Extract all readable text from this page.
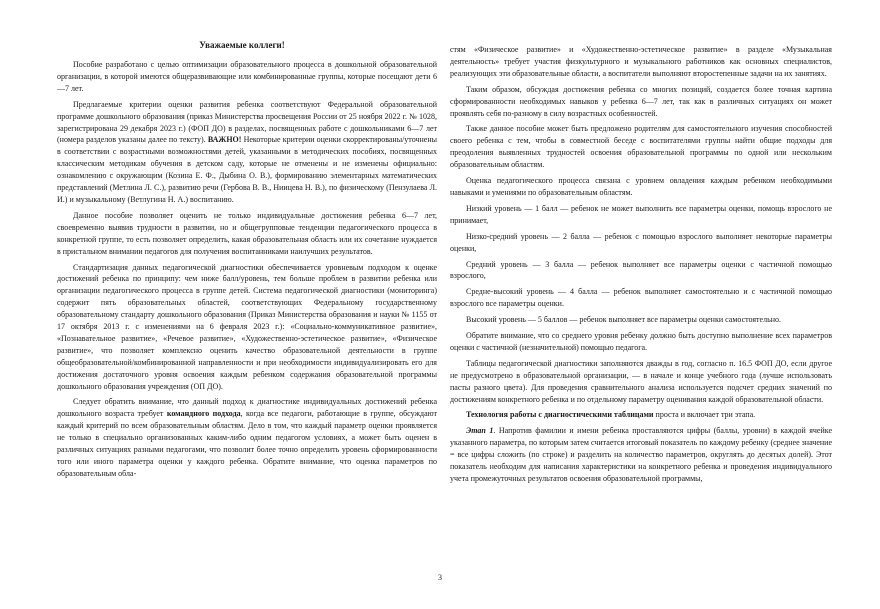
Уважаемые коллеги!

Пособие разработано с целью оптимизации образовательного процесса в дошкольной образовательной организации, в которой имеются общеразвивающие или комбинированные группы, которые посещают дети 6—7 лет.

Предлагаемые критерии оценки развития ребенка соответствуют Федеральной образовательной программе дошкольного образования (приказ Министерства просвещения России от 25 ноября 2022 г. № 1028, зарегистрирована 29 декабря 2023 г.) (ФОП ДО) в разделах, посвященных работе с дошкольниками 6—7 лет (номера разделов указаны далее по тексту). ВАЖНО! Некоторые критерии оценки скорректированы/уточнены в соответствии с возрастными возможностями детей, указанными в методических пособиях, посвященных классическим методикам обучения в детском саду, которые не отменены и не изменены официально: ознакомлению с окружающим (Козина Е. Ф., Дыбина О. В.), формированию элементарных математических представлений (Метлина Л. С.), развитию речи (Гербова В. В., Ниицева Н. В.), по физическому (Пензулаева Л. И.) и музыкальному (Ветлугина Н. А.) воспитанию.

Данное пособие позволяет оценить не только индивидуальные достижения ребенка 6—7 лет, своевременно выявив трудности в развитии, но и общегрупповые тенденции педагогического процесса в конкретной группе, то есть позволяет определить, какая образовательная область или их сочетание нуждается в пристальном внимании педагогов для получения воспитанниками наилучших результатов.

Стандартизация данных педагогической диагностики обеспечивается уровневым подходом к оценке достижений ребенка по принципу: чем ниже балл/уровень, тем больше проблем в развитии ребенка или организации педагогического процесса в группе детей. Система педагогической диагностики (мониторинга) содержит пять образовательных областей, соответствующих Федеральному государственному образовательному стандарту дошкольного образования (Приказ Министерства образования и науки № 1155 от 17 октября 2013 г. с изменениями на 6 февраля 2023 г.): «Социально-коммуникативное развитие», «Познавательное развитие», «Речевое развитие», «Художественно-эстетическое развитие», «Физическое развитие», что позволяет комплексно оценить качество образовательной деятельности в группе общеобразовательной/комбинированной направленности и при необходимости индивидуализировать его для достижения достаточного уровня освоения каждым ребенком содержания образовательной программы дошкольного образования учреждения (ОП ДО).

Следует обратить внимание, что данный подход к диагностике индивидуальных достижений ребенка дошкольного возраста требует командного подхода, когда все педагоги, работающие в группе, обсуждают каждый критерий по всем образовательным областям. Дело в том, что каждый параметр оценки проявляется не только в специально организованных каким-либо одним педагогом условиях, а может быть оценен в различных ситуациях разными педагогами, что позволит более точно определить уровень сформированности того или иного параметра оценки у каждого ребенка. Обратите внимание, что оценка параметров по образовательным обла-

стям «Физическое развитие» и «Художественно-эстетическое развитие» в разделе «Музыкальная деятельность» требует участия физкультурного и музыкального работников как основных специалистов, реализующих эти образовательные области, а воспитатели выполняют второстепенные задачи на их занятиях.

Таким образом, обсуждая достижения ребенка со многих позиций, создается более точная картина сформированности необходимых навыков у ребенка 6—7 лет, так как в различных ситуациях он может проявлять себя по-разному в силу возрастных особенностей.

Также данное пособие может быть предложено родителям для самостоятельного изучения способностей своего ребенка с тем, чтобы в совместной беседе с воспитателями группы найти общие подходы для преодоления выявленных трудностей освоения образовательной программы по одной или нескольким образовательным областям.

Оценка педагогического процесса связана с уровнем овладения каждым ребенком необходимыми навыками и умениями по образовательным областям.

Низкий уровень — 1 балл — ребенок не может выполнить все параметры оценки, помощь взрослого не принимает,

Низко-средний уровень — 2 балла — ребенок с помощью взрослого выполняет некоторые параметры оценки,

Средний уровень — 3 балла — ребенок выполняет все параметры оценки с частичной помощью взрослого,

Средне-высокий уровень — 4 балла — ребенок выполняет самостоятельно и с частичной помощью взрослого все параметры оценки.

Высокий уровень — 5 баллов — ребенок выполняет все параметры оценки самостоятельно.

Обратите внимание, что со среднего уровня ребенку должно быть доступно выполнение всех параметров оценки с частичной (незначительной) помощью педагога.

Таблицы педагогической диагностики заполняются дважды в год, согласно п. 16.5 ФОП ДО, если другое не предусмотрено в образовательной организации, — в начале и конце учебного года (лучше использовать пасты разного цвета). Для проведения сравнительного анализа используется подсчет средних значений по достижениям конкретного ребенка и по отдельному параметру оценивания каждой образовательной области.

Технология работы с диагностическими таблицами проста и включает три этапа.

Этап 1. Напротив фамилии и имени ребенка проставляются цифры (баллы, уровни) в каждой ячейке указанного параметра, по которым затем считается итоговый показатель по каждому ребенку (среднее значение = все цифры сложить (по строке) и разделить на количество параметров, округлять до десятых долей). Этот показатель необходим для написания характеристики на конкретного ребенка и проведения индивидуального учета промежуточных результатов освоения образовательной программы,

3
